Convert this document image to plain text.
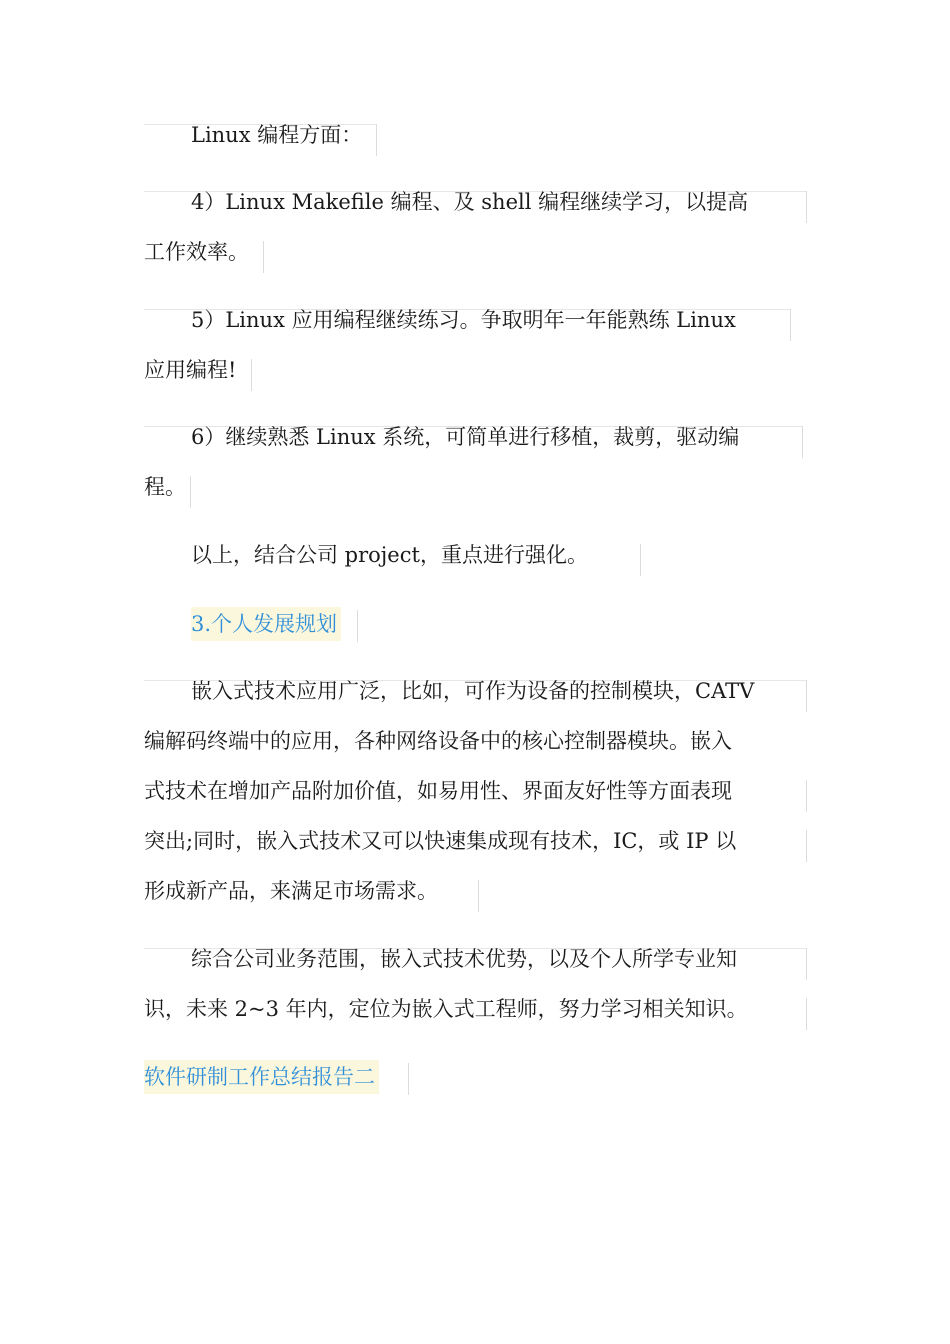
Linux 编程方面：

4）Linux Makefile 编程、及 shell 编程继续学习，以提高
工作效率。

5）Linux 应用编程继续练习。争取明年一年能熟练 Linux
应用编程!

6）继续熟悉 Linux 系统，可简单进行移植，裁剪，驱动编
程。

以上，结合公司 project，重点进行强化。

3.个人发展规划

嵌入式技术应用广泛，比如，可作为设备的控制模块，CATV
编解码终端中的应用，各种网络设备中的核心控制器模块。嵌入
式技术在增加产品附加价值，如易用性、界面友好性等方面表现
突出;同时，嵌入式技术又可以快速集成现有技术，IC，或 IP 以
形成新产品，来满足市场需求。

综合公司业务范围，嵌入式技术优势，以及个人所学专业知
识，未来 2~3 年内，定位为嵌入式工程师，努力学习相关知识。

软件研制工作总结报告二
